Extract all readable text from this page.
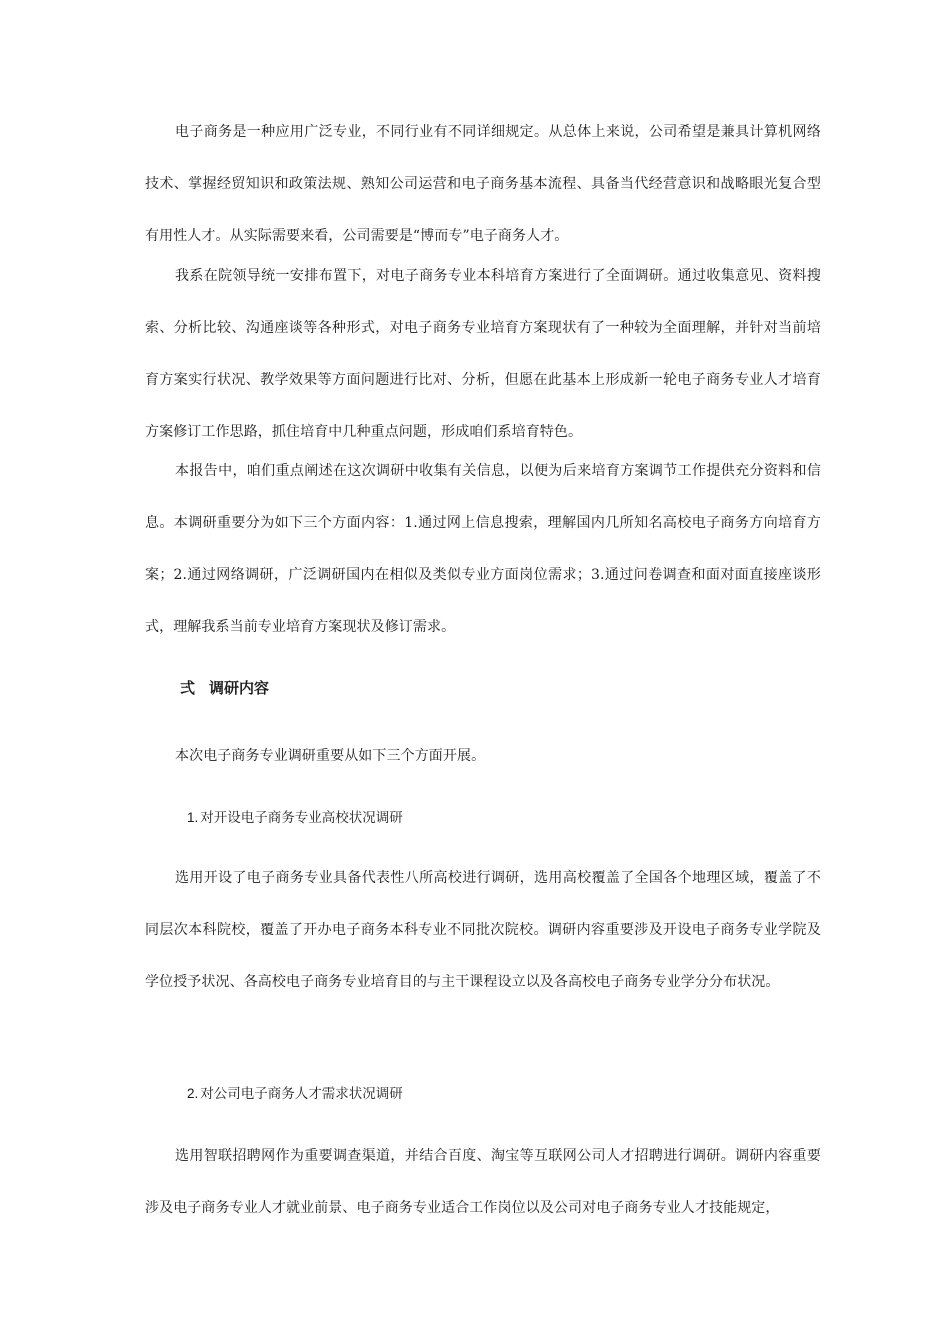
电子商务是一种应用广泛专业，不同行业有不同详细规定。从总体上来说，公司希望是兼具计算机网络技术、掌握经贸知识和政策法规、熟知公司运营和电子商务基本流程、具备当代经营意识和战略眼光复合型有用性人才。从实际需要来看，公司需要是“博而专”电子商务人才。

我系在院领导统一安排布置下，对电子商务专业本科培育方案进行了全面调研。通过收集意见、资料搜索、分析比较、沟通座谈等各种形式，对电子商务专业培育方案现状有了一种较为全面理解，并针对当前培育方案实行状况、教学效果等方面问题进行比对、分析，但愿在此基本上形成新一轮电子商务专业人才培育方案修订工作思路，抓住培育中几种重点问题，形成咱们系培育特色。

本报告中，咱们重点阐述在这次调研中收集有关信息，以便为后来培育方案调节工作提供充分资料和信息。本调研重要分为如下三个方面内容：1.通过网上信息搜索，理解国内几所知名高校电子商务方向培育方案；2.通过网络调研，广泛调研国内在相似及类似专业方面岗位需求；3.通过问卷调查和面对面直接座谈形式，理解我系当前专业培育方案现状及修订需求。

弍 调研内容

本次电子商务专业调研重要从如下三个方面开展。

1. 对开设电子商务专业高校状况调研

选用开设了电子商务专业具备代表性八所高校进行调研，选用高校覆盖了全国各个地理区域，覆盖了不同层次本科院校，覆盖了开办电子商务本科专业不同批次院校。调研内容重要涉及开设电子商务专业学院及学位授予状况、各高校电子商务专业培育目的与主干课程设立以及各高校电子商务专业学分分布状况。

2. 对公司电子商务人才需求状况调研

选用智联招聘网作为重要调查渠道，并结合百度、淘宝等互联网公司人才招聘进行调研。调研内容重要涉及电子商务专业人才就业前景、电子商务专业适合工作岗位以及公司对电子商务专业人才技能规定，
